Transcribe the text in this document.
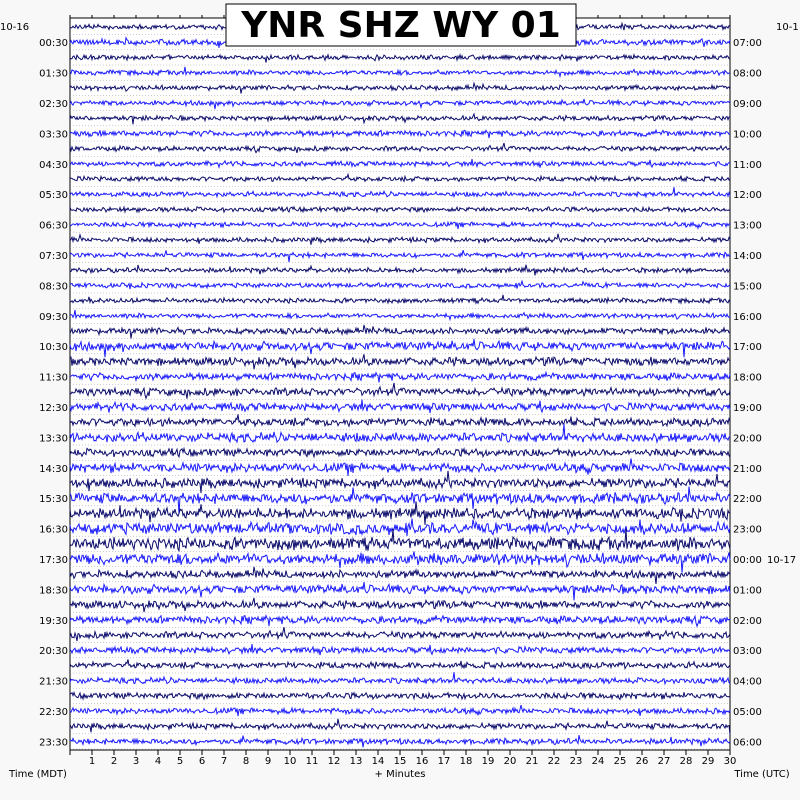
00:30
01:30
02:30
03:30
04:30
05:30
06:30
07:30
08:30
09:30
10:30
11:30
12:30
13:30
14:30
15:30
16:30
17:30
18:30
19:30
20:30
21:30
22:30
23:30
07:00
08:00
09:00
10:00
11:00
12:00
13:00
14:00
15:00
16:00
17:00
18:00
19:00
20:00
21:00
22:00
23:00
00:00
01:00
02:00
03:00
04:00
05:00
06:00
1 2 3 4 5 6 7 8 9 10 11 12 13 14 15 16 17 18 19 20 21 22 23 24 25 26 27 28 29 30
10-16	10-1
10-17
Time (MDT)	+ Minutes	Time (UTC)
YNR SHZ WY 01
